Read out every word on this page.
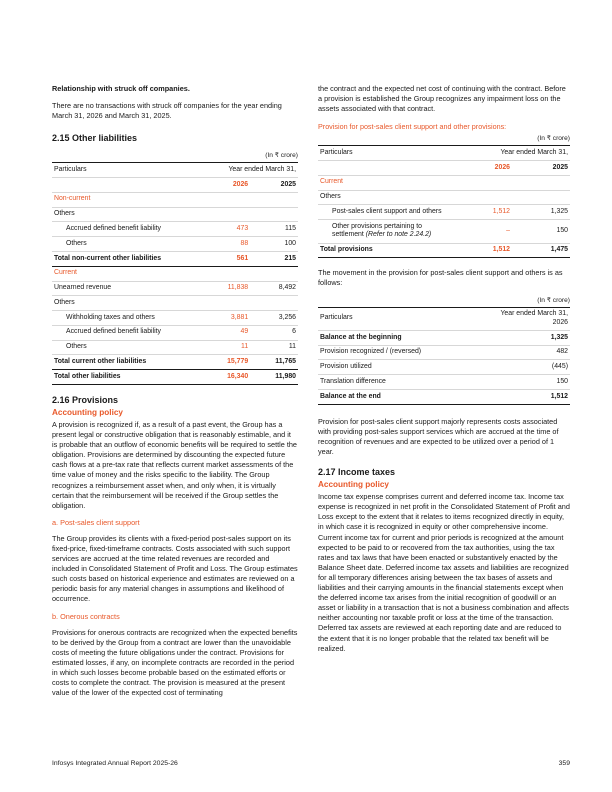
Relationship with struck off companies.

There are no transactions with struck off companies for the year ending March 31, 2026 and March 31, 2025.

2.15 Other liabilities

(In ₹ crore)

Particulars	Year ended March 31,	
	2026	2025
Non-current		
Others		
Accrued defined benefit liability	473	115
Others	88	100
Total non-current other liabilities	561	215
Current		
Unearned revenue	11,838	8,492
Others		
Withholding taxes and others	3,881	3,256
Accrued defined benefit liability	49	6
Others	11	11
Total current other liabilities	15,779	11,765
Total other liabilities	16,340	11,980

2.16 Provisions

Accounting policy

A provision is recognized if, as a result of a past event, the Group has a present legal or constructive obligation that is reasonably estimable, and it is probable that an outflow of economic benefits will be required to settle the obligation. Provisions are determined by discounting the expected future cash flows at a pre-tax rate that reflects current market assessments of the time value of money and the risks specific to the liability. The Group recognizes a reimbursement asset when, and only when, it is virtually certain that the reimbursement will be received if the Group settles the obligation.

a. Post-sales client support

The Group provides its clients with a fixed-period post-sales support on its fixed-price, fixed-timeframe contracts. Costs associated with such support services are accrued at the time related revenues are recorded and included in Consolidated Statement of Profit and Loss. The Group estimates such costs based on historical experience and estimates are reviewed on a periodic basis for any material changes in assumptions and likelihood of occurrence.

b. Onerous contracts

Provisions for onerous contracts are recognized when the expected benefits to be derived by the Group from a contract are lower than the unavoidable costs of meeting the future obligations under the contract. Provisions for estimated losses, if any, on incomplete contracts are recorded in the period in which such losses become probable based on the estimated efforts or costs to complete the contract. The provision is measured at the present value of the lower of the expected cost of terminating

the contract and the expected net cost of continuing with the contract. Before a provision is established the Group recognizes any impairment loss on the assets associated with that contract.

Provision for post-sales client support and other provisions:

(In ₹ crore)

Particulars	Year ended March 31,	
	2026	2025
Current		
Others		
Post-sales client support and others	1,512	1,325
Other provisions pertaining to settlement (Refer to note 2.24.2)	–	150
Total provisions	1,512	1,475

The movement in the provision for post-sales client support and others is as follows:

(In ₹ crore)

Particulars	Year ended March 31, 2026
Balance at the beginning	1,325
Provision recognized / (reversed)	482
Provision utilized	(445)
Translation difference	150
Balance at the end	1,512

Provision for post-sales client support majorly represents costs associated with providing post-sales support services which are accrued at the time of recognition of revenues and are expected to be utilized over a period of 1 year.

2.17 Income taxes

Accounting policy

Income tax expense comprises current and deferred income tax. Income tax expense is recognized in net profit in the Consolidated Statement of Profit and Loss except to the extent that it relates to items recognized directly in equity, in which case it is recognized in equity or other comprehensive income. Current income tax for current and prior periods is recognized at the amount expected to be paid to or recovered from the tax authorities, using the tax rates and tax laws that have been enacted or substantively enacted by the Balance Sheet date. Deferred income tax assets and liabilities are recognized for all temporary differences arising between the tax bases of assets and liabilities and their carrying amounts in the financial statements except when the deferred income tax arises from the initial recognition of goodwill or an asset or liability in a transaction that is not a business combination and affects neither accounting nor taxable profit or loss at the time of the transaction. Deferred tax assets are reviewed at each reporting date and are reduced to the extent that it is no longer probable that the related tax benefit will be realized.

Infosys Integrated Annual Report 2025-26	359
